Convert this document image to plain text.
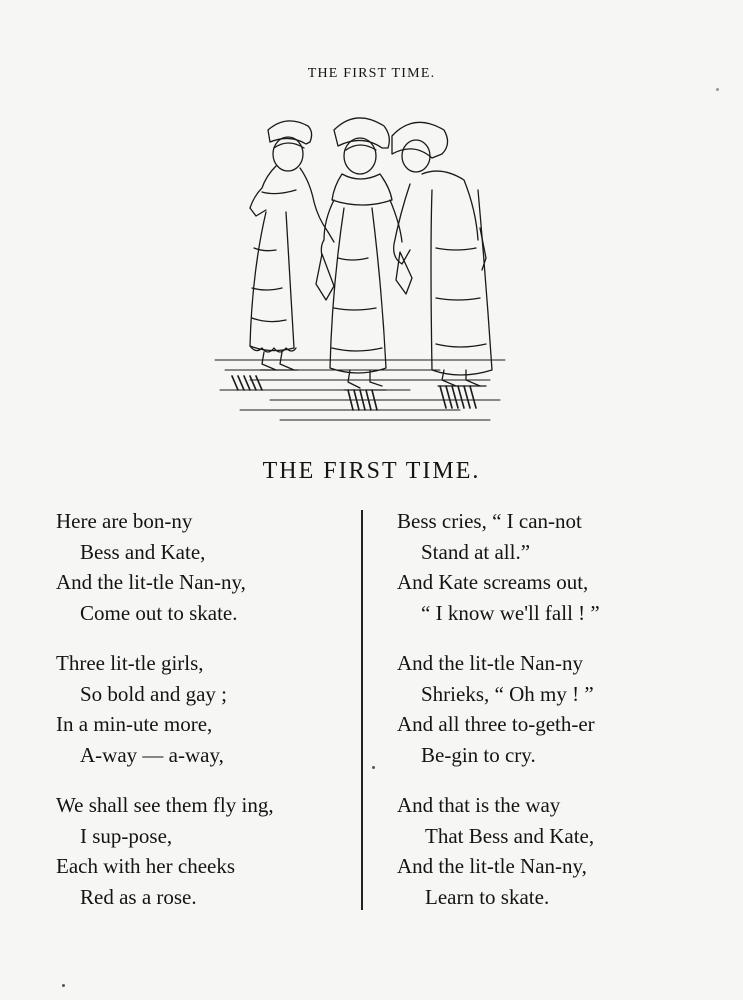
THE FIRST TIME.
THE FIRST TIME.
Here are bon-ny
Bess and Kate,
And the lit-tle Nan-ny,
Come out to skate.
Three lit-tle girls,
So bold and gay ;
In a min-ute more,
A-way — a-way,
We shall see them fly ing,
I sup-pose,
Each with her cheeks
Red as a rose.
Bess cries, “ I can-not
Stand at all.”
And Kate screams out,
“ I know we'll fall ! ”
And the lit-tle Nan-ny
Shrieks, “ Oh my ! ”
And all three to-geth-er
Be-gin to cry.
And that is the way
That Bess and Kate,
And the lit-tle Nan-ny,
Learn to skate.
